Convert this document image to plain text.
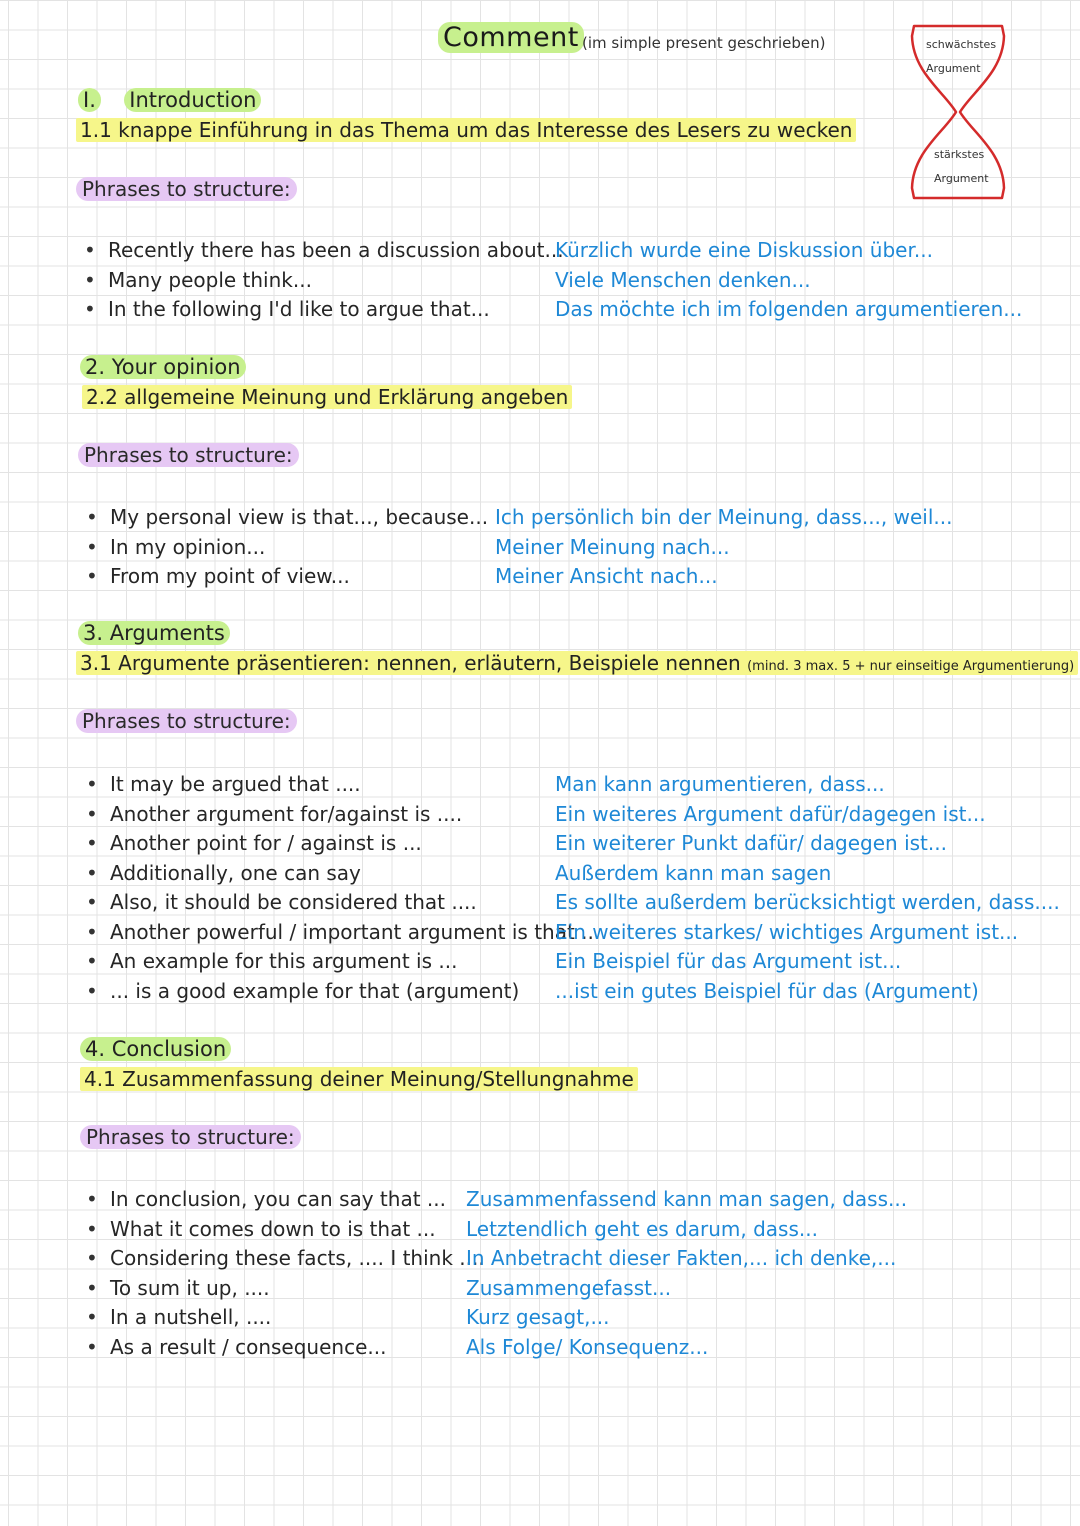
Comment (im simple present geschrieben)	schwächstes
Argument
stärkstes
Argument
I. Introduction
1.1 knappe Einführung in das Thema um das Interesse des Lesers zu wecken
Phrases to structure:
• Recently there has been a discussion about...
• Many people think...
• In the following I'd like to argue that...
Kürzlich wurde eine Diskussion über...
Viele Menschen denken...
Das möchte ich im folgenden argumentieren...
2. Your opinion
2.2 allgemeine Meinung und Erklärung angeben
Phrases to structure:
• My personal view is that..., because...
• In my opinion...
• From my point of view...
Ich persönlich bin der Meinung, dass..., weil...
Meiner Meinung nach...
Meiner Ansicht nach...
3. Arguments
3.1 Argumente präsentieren: nennen, erläutern, Beispiele nennen (mind. 3 max. 5 + nur einseitige Argumentierung)
Phrases to structure:
• It may be argued that ....
• Another argument for/against is ....
• Another point for / against is ...
• Additionally, one can say
• Also, it should be considered that ....
• Another powerful / important argument is that ...
• An example for this argument is ...
• ... is a good example for that (argument)
Man kann argumentieren, dass...
Ein weiteres Argument dafür/dagegen ist...
Ein weiterer Punkt dafür/ dagegen ist...
Außerdem kann man sagen
Es sollte außerdem berücksichtigt werden, dass....
Ein weiteres starkes/ wichtiges Argument ist...
Ein Beispiel für das Argument ist...
...ist ein gutes Beispiel für das (Argument)
4. Conclusion
4.1 Zusammenfassung deiner Meinung/Stellungnahme
Phrases to structure:
• In conclusion, you can say that ...
• What it comes down to is that ...
• Considering these facts, .... I think ....
• To sum it up, ....
• In a nutshell, ....
• As a result / consequence...
Zusammenfassend kann man sagen, dass...
Letztendlich geht es darum, dass...
In Anbetracht dieser Fakten,... ich denke,...
Zusammengefasst...
Kurz gesagt,...
Als Folge/ Konsequenz...
